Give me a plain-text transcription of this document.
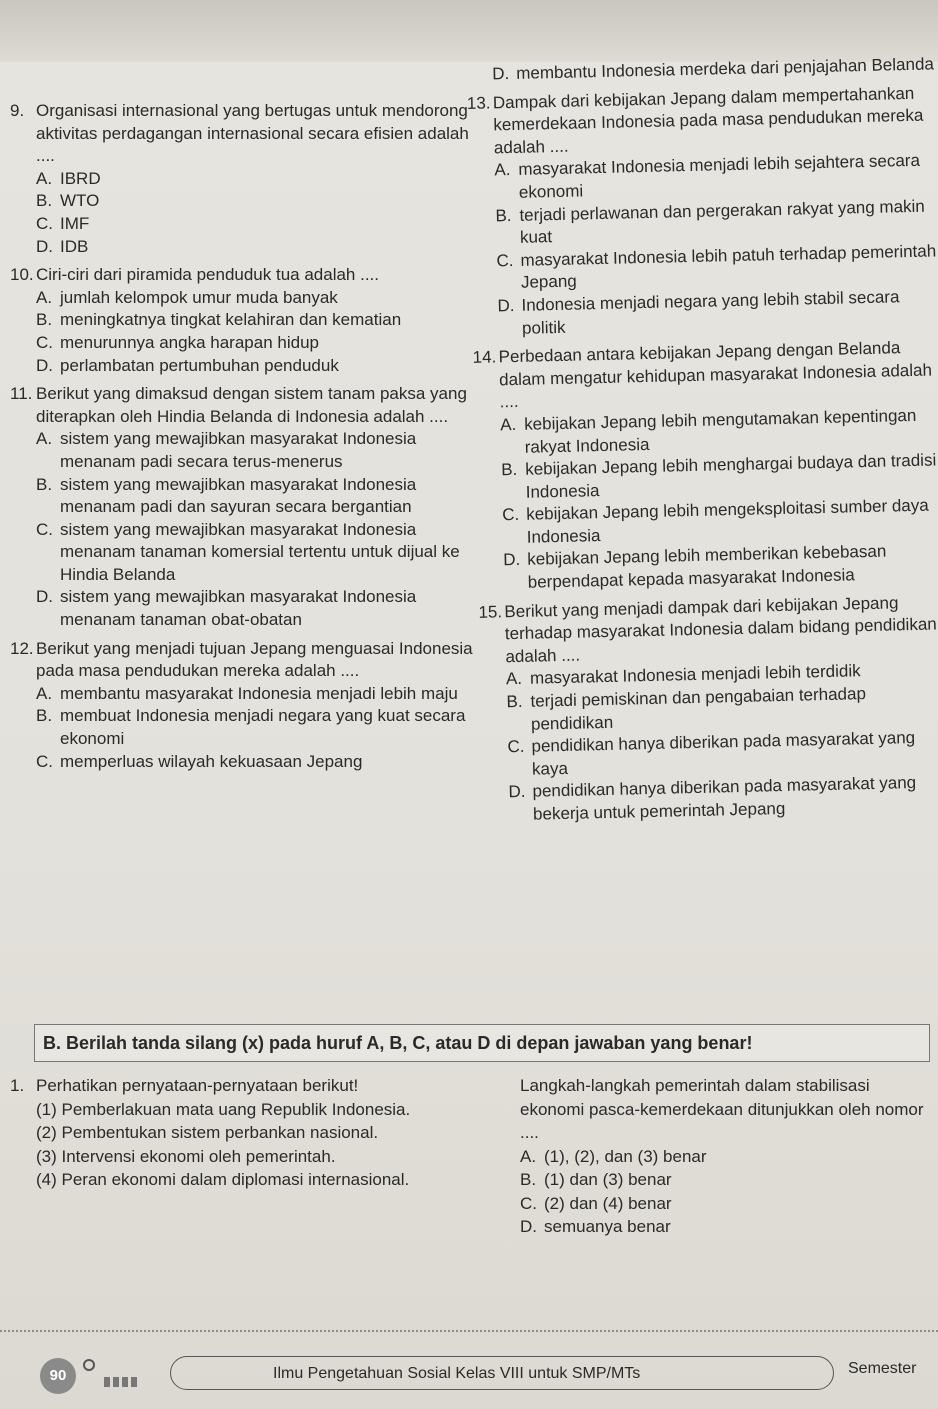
9. Organisasi internasional yang bertugas untuk mendorong aktivitas perdagangan internasional secara efisien adalah ....
A. IBRD
B. WTO
C. IMF
D. IDB
10. Ciri-ciri dari piramida penduduk tua adalah ....
A. jumlah kelompok umur muda banyak
B. meningkatnya tingkat kelahiran dan kematian
C. menurunnya angka harapan hidup
D. perlambatan pertumbuhan penduduk
11. Berikut yang dimaksud dengan sistem tanam paksa yang diterapkan oleh Hindia Belanda di Indonesia adalah ....
A. sistem yang mewajibkan masyarakat Indonesia menanam padi secara terus-menerus
B. sistem yang mewajibkan masyarakat Indonesia menanam padi dan sayuran secara bergantian
C. sistem yang mewajibkan masyarakat Indonesia menanam tanaman komersial tertentu untuk dijual ke Hindia Belanda
D. sistem yang mewajibkan masyarakat Indonesia menanam tanaman obat-obatan
12. Berikut yang menjadi tujuan Jepang menguasai Indonesia pada masa pendudukan mereka adalah ....
A. membantu masyarakat Indonesia menjadi lebih maju
B. membuat Indonesia menjadi negara yang kuat secara ekonomi
C. memperluas wilayah kekuasaan Jepang
D. membantu Indonesia merdeka dari penjajahan Belanda
13. Dampak dari kebijakan Jepang dalam mempertahankan kemerdekaan Indonesia pada masa pendudukan mereka adalah ....
A. masyarakat Indonesia menjadi lebih sejahtera secara ekonomi
B. terjadi perlawanan dan pergerakan rakyat yang makin kuat
C. masyarakat Indonesia lebih patuh terhadap pemerintah Jepang
D. Indonesia menjadi negara yang lebih stabil secara politik
14. Perbedaan antara kebijakan Jepang dengan Belanda dalam mengatur kehidupan masyarakat Indonesia adalah ....
A. kebijakan Jepang lebih mengutamakan kepentingan rakyat Indonesia
B. kebijakan Jepang lebih menghargai budaya dan tradisi Indonesia
C. kebijakan Jepang lebih mengeksploitasi sumber daya Indonesia
D. kebijakan Jepang lebih memberikan kebebasan berpendapat kepada masyarakat Indonesia
15. Berikut yang menjadi dampak dari kebijakan Jepang terhadap masyarakat Indonesia dalam bidang pendidikan adalah ....
A. masyarakat Indonesia menjadi lebih terdidik
B. terjadi pemiskinan dan pengabaian terhadap pendidikan
C. pendidikan hanya diberikan pada masyarakat yang kaya
D. pendidikan hanya diberikan pada masyarakat yang bekerja untuk pemerintah Jepang
B. Berilah tanda silang (x) pada huruf A, B, C, atau D di depan jawaban yang benar!
1. Perhatikan pernyataan-pernyataan berikut!

(1) Pemberlakuan mata uang Republik Indonesia.

(2) Pembentukan sistem perbankan nasional.

(3) Intervensi ekonomi oleh pemerintah.

(4) Peran ekonomi dalam diplomasi internasional.

Langkah-langkah pemerintah dalam stabilisasi ekonomi pasca-kemerdekaan ditunjukkan oleh nomor ....

A. (1), (2), dan (3) benar
B. (1) dan (3) benar
C. (2) dan (4) benar
D. semuanya benar
90	Ilmu Pengetahuan Sosial Kelas VIII untuk SMP/MTs	Semester
